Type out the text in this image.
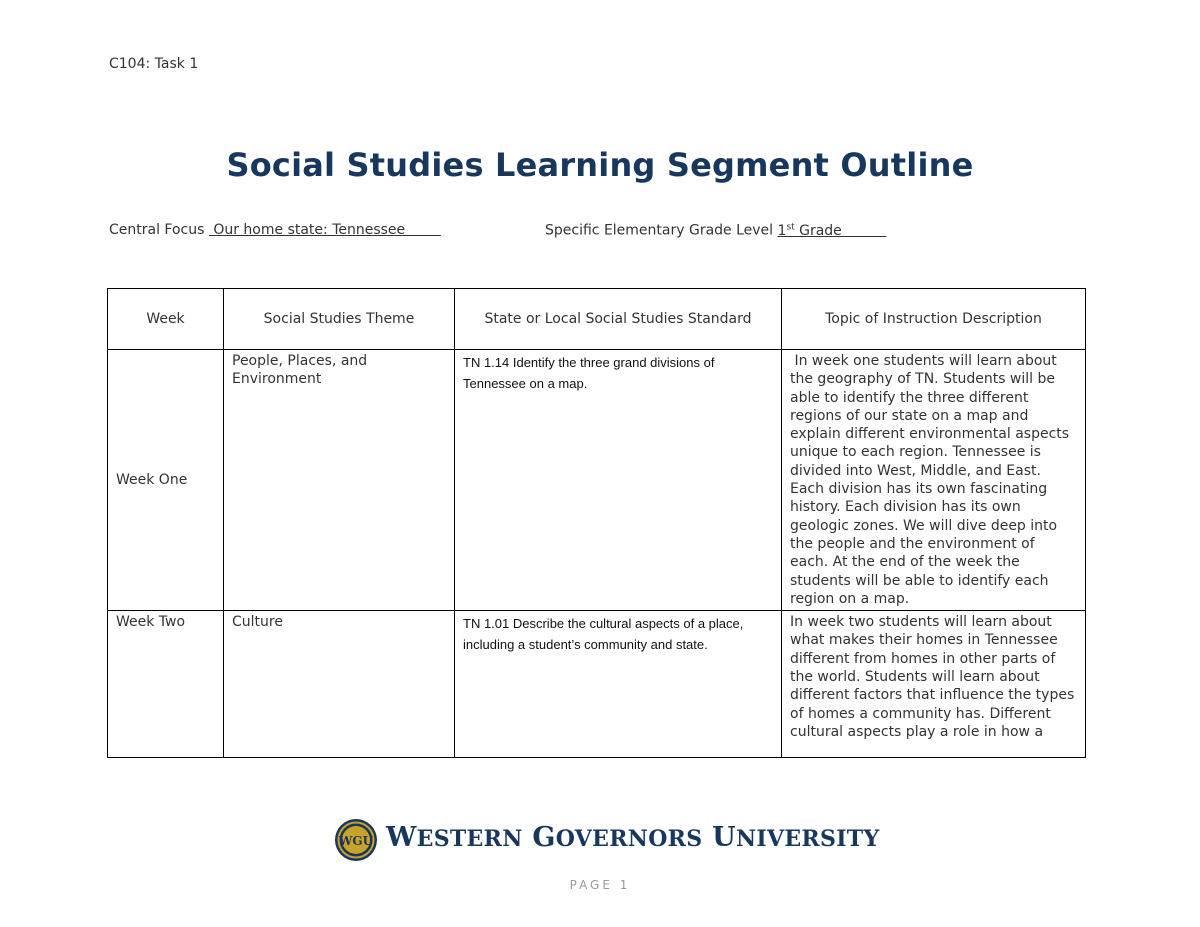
C104: Task 1
Social Studies Learning Segment Outline
Central Focus  Our home state: Tennessee	Specific Elementary Grade Level 1st Grade
Week	Social Studies Theme	State or Local Social Studies Standard	Topic of Instruction Description
Week One	People, Places, and Environment	TN 1.14 Identify the three grand divisions of Tennessee on a map.	In week one students will learn about the geography of TN. Students will be able to identify the three different regions of our state on a map and explain different environmental aspects unique to each region. Tennessee is divided into West, Middle, and East. Each division has its own fascinating history. Each division has its own geologic zones. We will dive deep into the people and the environment of each. At the end of the week the students will be able to identify each region on a map.
Week Two	Culture	TN 1.01 Describe the cultural aspects of a place, including a student’s community and state.	In week two students will learn about what makes their homes in Tennessee different from homes in other parts of the world. Students will learn about different factors that influence the types of homes a community has. Different cultural aspects play a role in how a
WGU WESTERN GOVERNORS UNIVERSITY
PAGE 1
